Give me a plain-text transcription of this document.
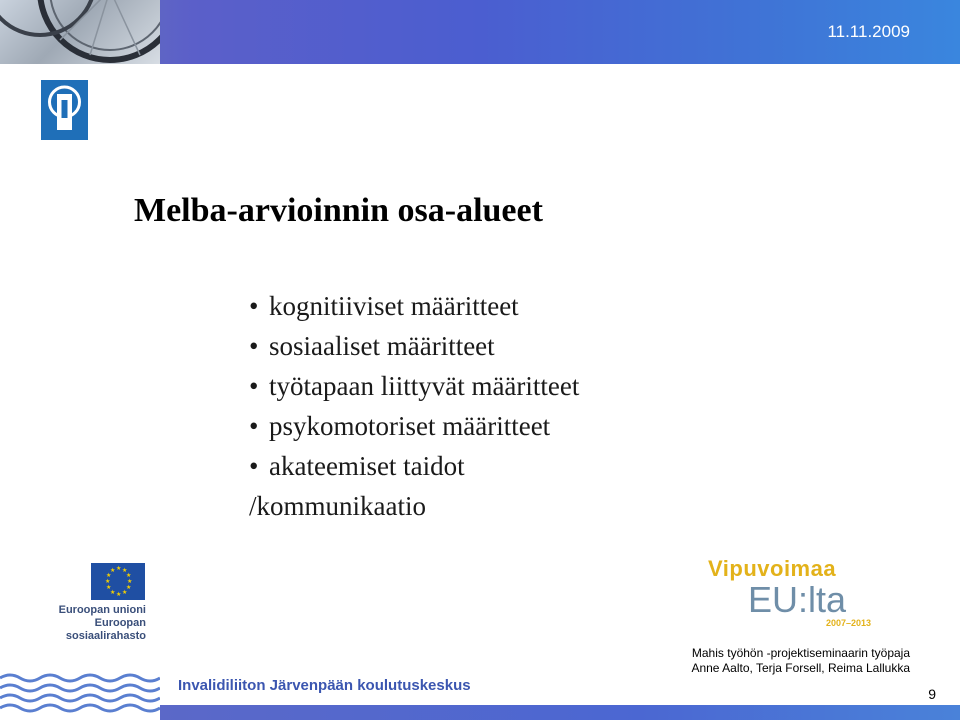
11.11.2009
Melba-arvioinnin osa-alueet
• kognitiiviset määritteet
• sosiaaliset määritteet
• työtapaan liittyvät määritteet
• psykomotoriset määritteet
• akateemiset taidot
/kommunikaatio
★ ★
★
★
★
★
★
★
★
★
★
★
Euroopan unioni
Euroopan sosiaalirahasto
Vipuvoimaa
EU:lta
2007–2013
Mahis työhön -projektiseminaarin työpaja
Anne Aalto, Terja Forsell, Reima Lallukka
Invalidiliiton Järvenpään koulutuskeskus	9
